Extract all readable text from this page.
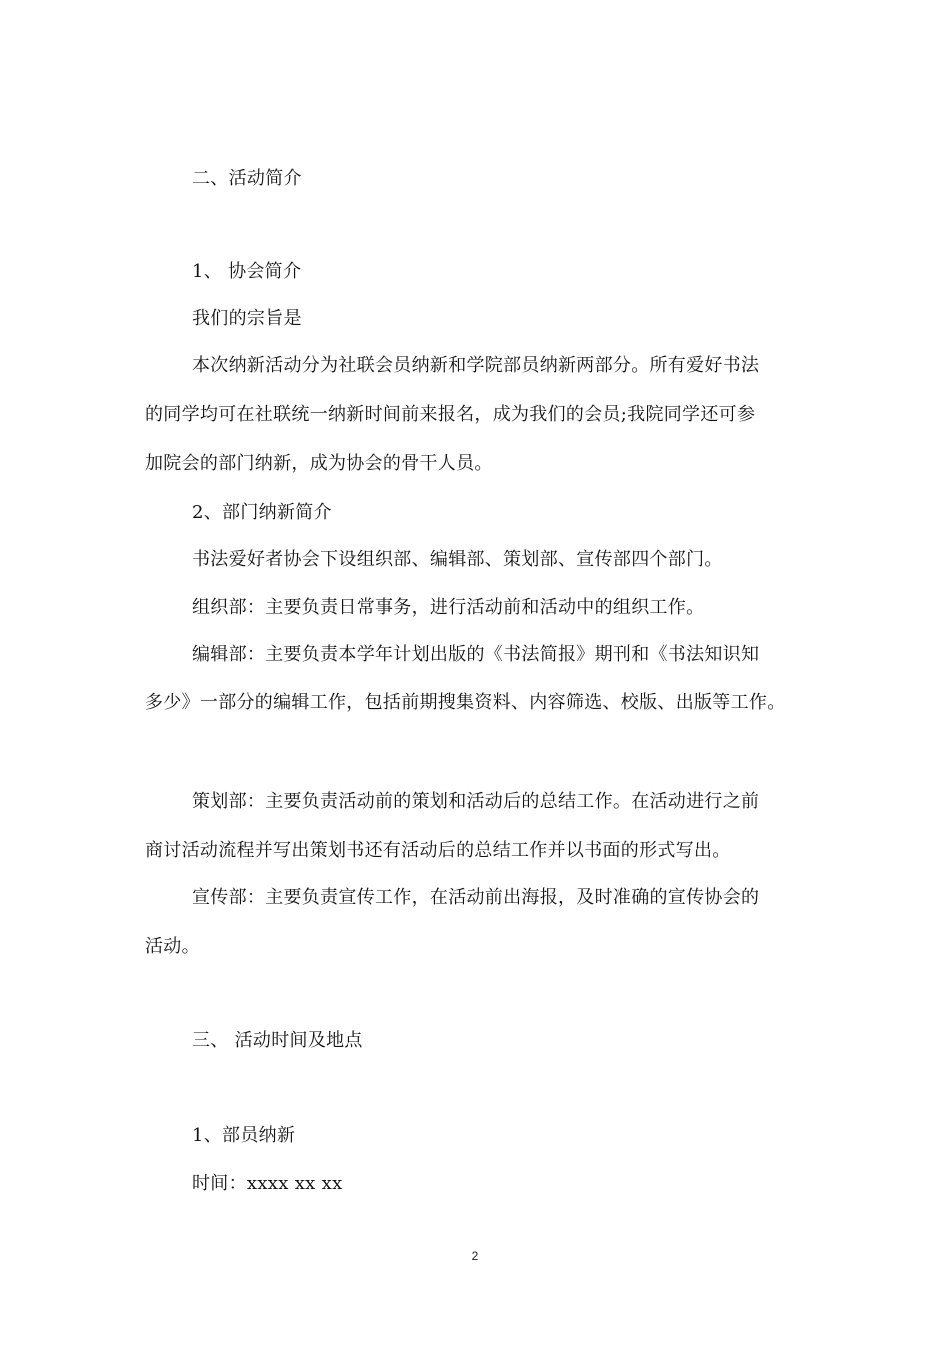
二、活动简介
1、 协会简介
我们的宗旨是
本次纳新活动分为社联会员纳新和学院部员纳新两部分。所有爱好书法
的同学均可在社联统一纳新时间前来报名，成为我们的会员;我院同学还可参
加院会的部门纳新，成为协会的骨干人员。
2、部门纳新简介
书法爱好者协会下设组织部、编辑部、策划部、宣传部四个部门。
组织部：主要负责日常事务，进行活动前和活动中的组织工作。
编辑部：主要负责本学年计划出版的《书法简报》期刊和《书法知识知
多少》一部分的编辑工作，包括前期搜集资料、内容筛选、校版、出版等工作。
策划部：主要负责活动前的策划和活动后的总结工作。在活动进行之前
商讨活动流程并写出策划书还有活动后的总结工作并以书面的形式写出。
宣传部：主要负责宣传工作，在活动前出海报，及时准确的宣传协会的
活动。
三、 活动时间及地点
1、部员纳新
时间：xxxx xx xx
2
